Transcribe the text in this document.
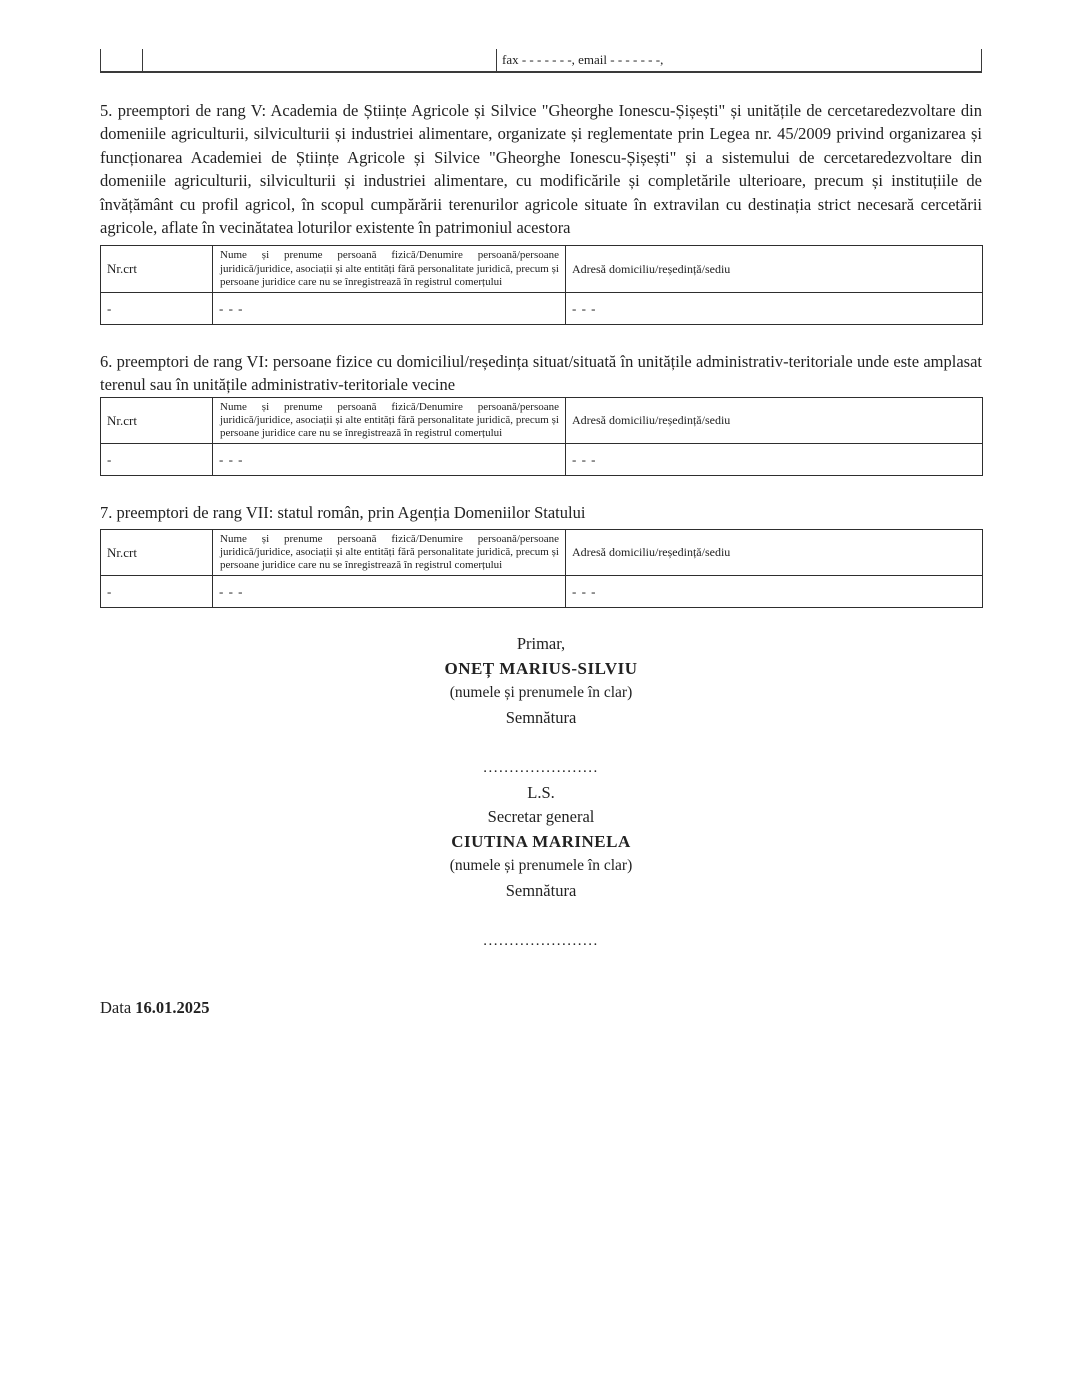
fax - - - - - - -, email - - - - - - -,

5. preemptori de rang V: Academia de Științe Agricole și Silvice "Gheorghe Ionescu-Șișești" și unitățile de cercetaredezvoltare din domeniile agriculturii, silviculturii și industriei alimentare, organizate și reglementate prin Legea nr. 45/2009 privind organizarea și funcționarea Academiei de Științe Agricole și Silvice "Gheorghe Ionescu-Șișești" și a sistemului de cercetaredezvoltare din domeniile agriculturii, silviculturii și industriei alimentare, cu modificările și completările ulterioare, precum și instituțiile de învățământ cu profil agricol, în scopul cumpărării terenurilor agricole situate în extravilan cu destinația strict necesară cercetării agricole, aflate în vecinătatea loturilor existente în patrimoniul acestora

Nr.crt	Nume și prenume persoană fizică/Denumire persoană/persoane juridică/juridice, asociații și alte entități fără personalitate juridică, precum și persoane juridice care nu se înregistrează în registrul comerțului	Adresă domiciliu/reședință/sediu
-	- - -	- - -

6. preemptori de rang VI: persoane fizice cu domiciliul/reședința situat/situată în unitățile administrativ-teritoriale unde este amplasat terenul sau în unitățile administrativ-teritoriale vecine

Nr.crt	Nume și prenume persoană fizică/Denumire persoană/persoane juridică/juridice, asociații și alte entități fără personalitate juridică, precum și persoane juridice care nu se înregistrează în registrul comerțului	Adresă domiciliu/reședință/sediu
-	- - -	- - -

7. preemptori de rang VII: statul român, prin Agenția Domeniilor Statului

Nr.crt	Nume și prenume persoană fizică/Denumire persoană/persoane juridică/juridice, asociații și alte entități fără personalitate juridică, precum și persoane juridice care nu se înregistrează în registrul comerțului	Adresă domiciliu/reședință/sediu
-	- - -	- - -
Primar,
ONEȚ MARIUS-SILVIU
(numele și prenumele în clar)
Semnătura
......................
L.S.
Secretar general
CIUTINA MARINELA
(numele și prenumele în clar)
Semnătura
......................
Data 16.01.2025
